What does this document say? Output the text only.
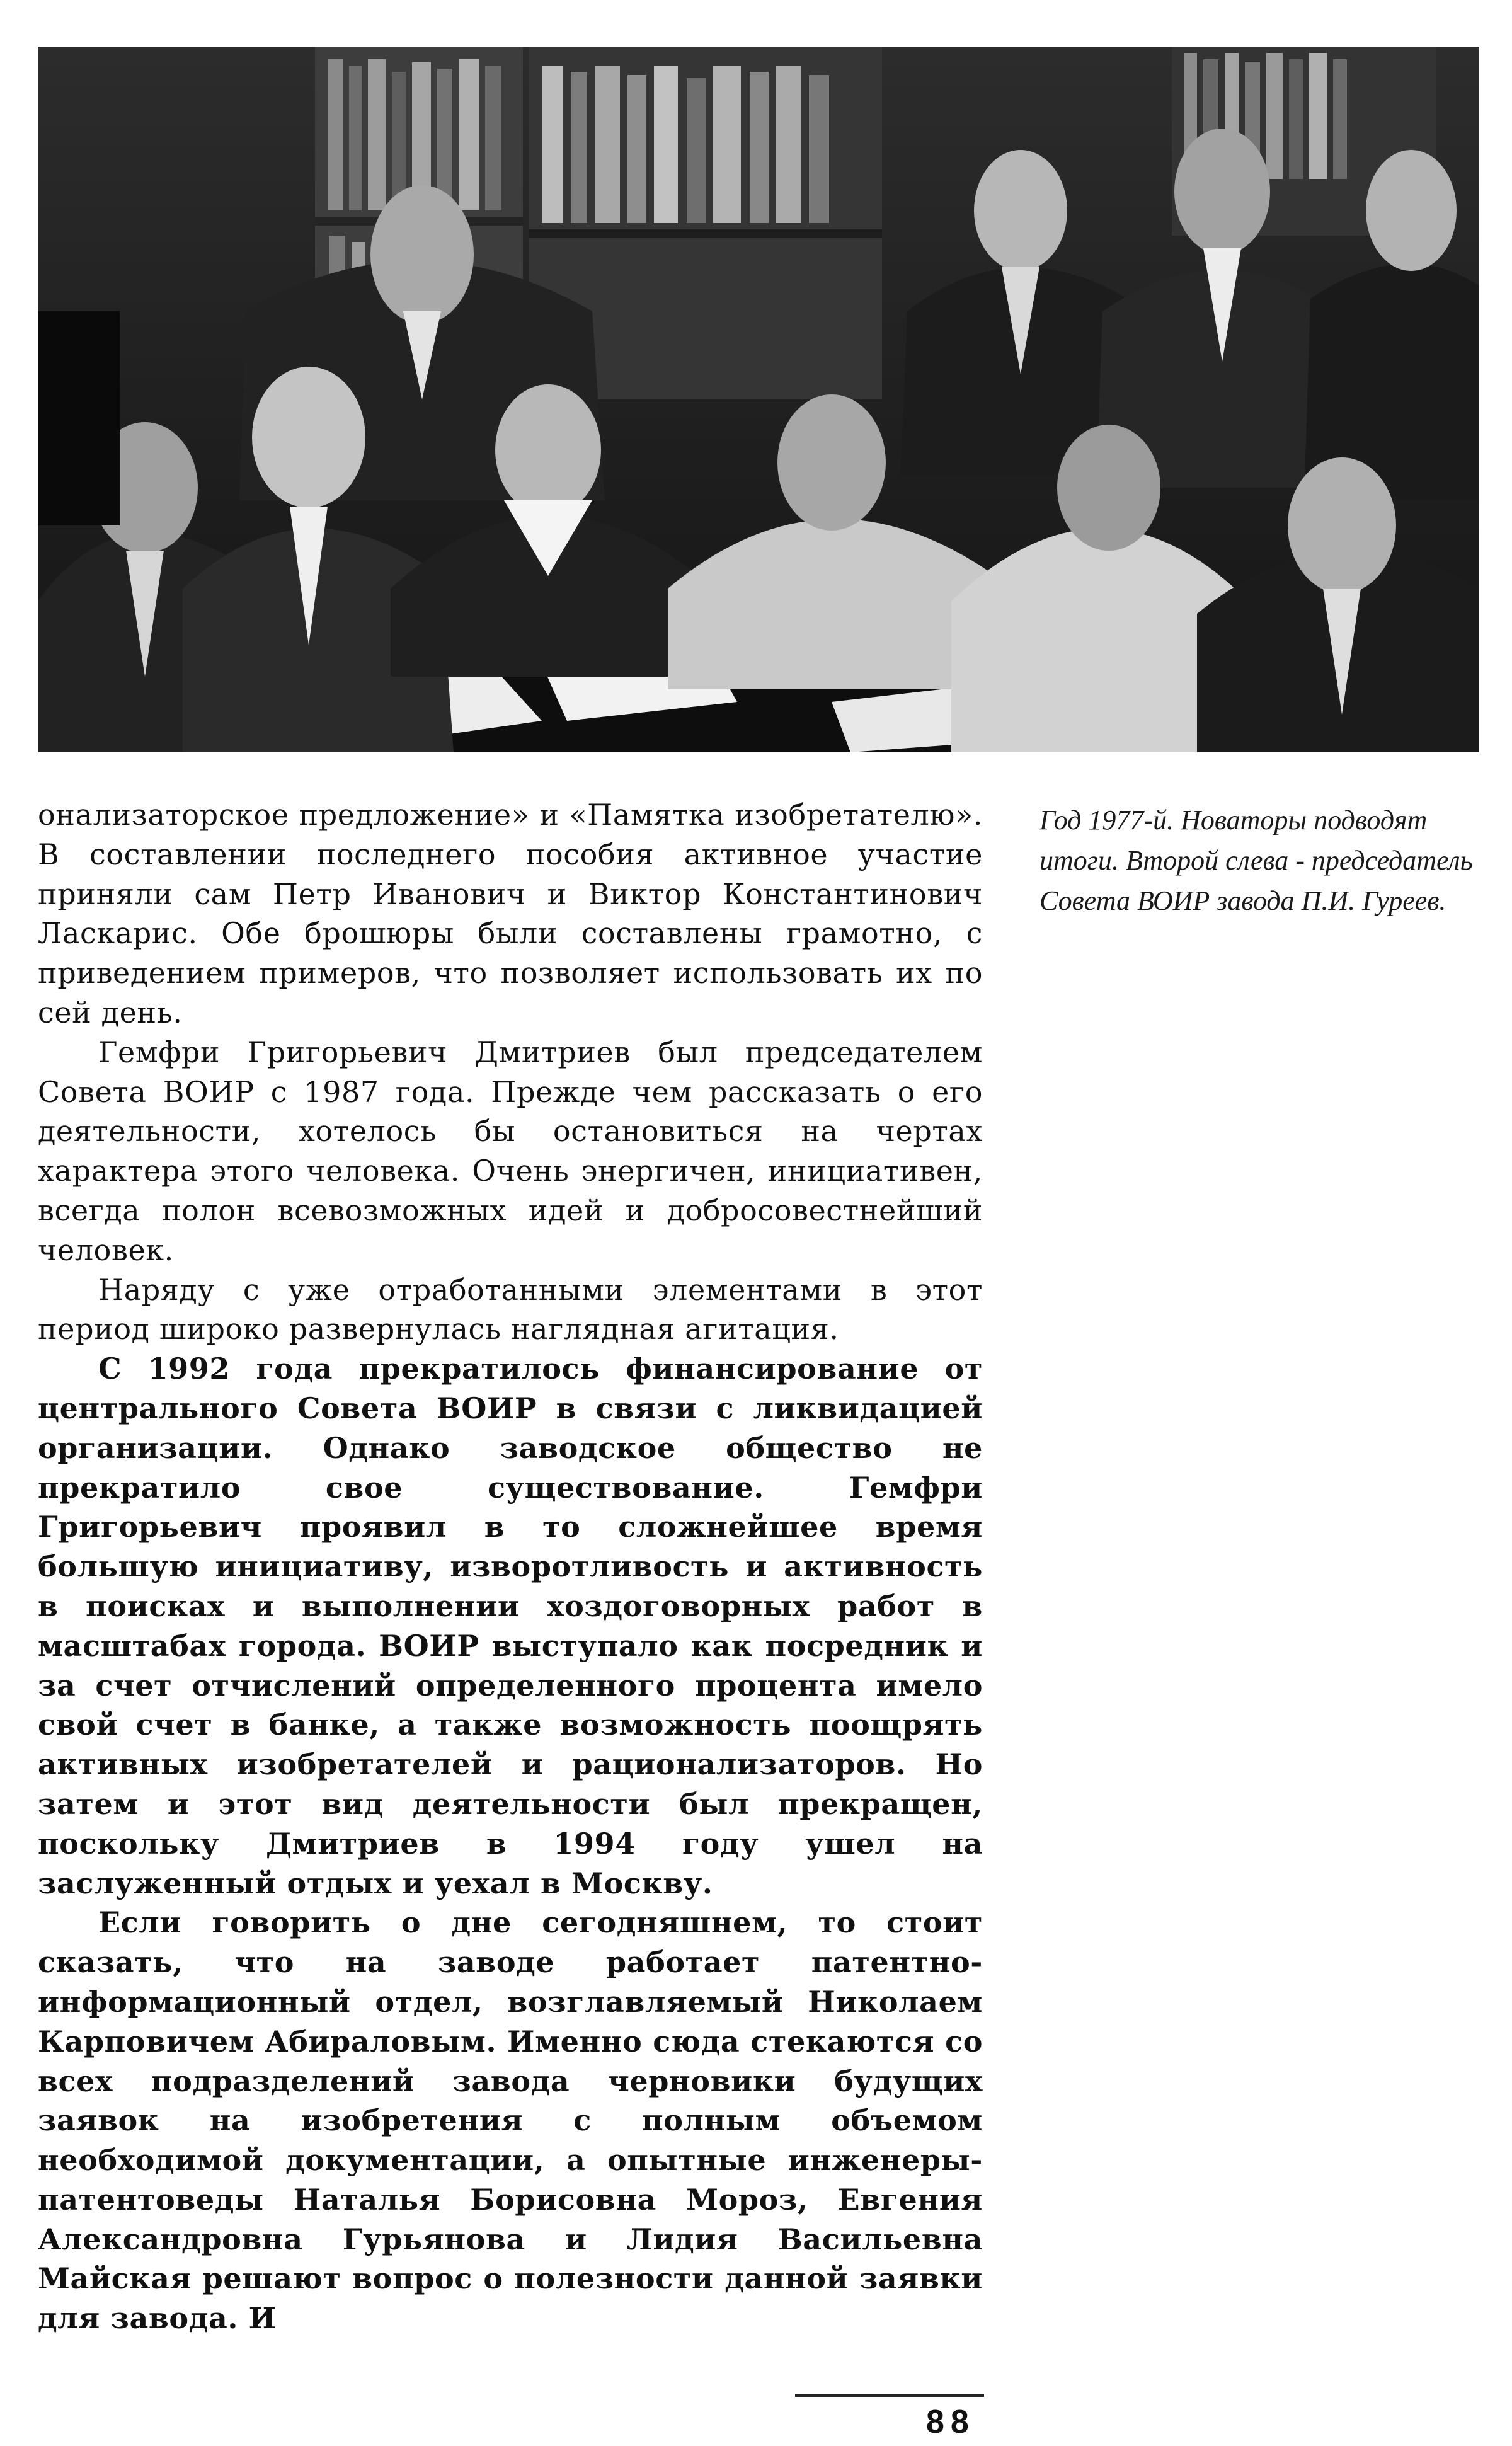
онализаторское предложение» и «Памятка изобретателю». В составлении последнего пособия активное участие приняли сам Петр Иванович и Виктор Константинович Ласкарис. Обе брошюры были составлены грамотно, с приведением примеров, что позволяет использовать их по сей день.

Гемфри Григорьевич Дмитриев был председателем Совета ВОИР с 1987 года. Прежде чем рассказать о его деятельности, хотелось бы остановиться на чертах характера этого человека. Очень энергичен, инициативен, всегда полон всевозможных идей и добросовестнейший человек.

Наряду с уже отработанными элементами в этот период широко развернулась наглядная агитация.

С 1992 года прекратилось финансирование от центрального Совета ВОИР в связи с ликвидацией организации. Однако заводское общество не прекратило свое существование. Гемфри Григорьевич проявил в то сложнейшее время большую инициативу, изворотливость и активность в поисках и выполнении хоздоговорных работ в масштабах города. ВОИР выступало как посредник и за счет отчислений определенного процента имело свой счет в банке, а также возможность поощрять активных изобретателей и рационализаторов. Но затем и этот вид деятельности был прекращен, поскольку Дмитриев в 1994 году ушел на заслуженный отдых и уехал в Москву.

Если говорить о дне сегодняшнем, то стоит сказать, что на заводе работает патентно-информационный отдел, возглавляемый Николаем Карповичем Абираловым. Именно сюда стекаются со всех подразделений завода черновики будущих заявок на изобретения с полным объемом необходимой документации, а опытные инженеры-патентоведы Наталья Борисовна Мороз, Евгения Александровна Гурьянова и Лидия Васильевна Майская решают вопрос о полезности данной заявки для завода. И

Год 1977-й. Новаторы подводят итоги. Второй слева - председатель Совета ВОИР завода П.И. Гуреев.
88
